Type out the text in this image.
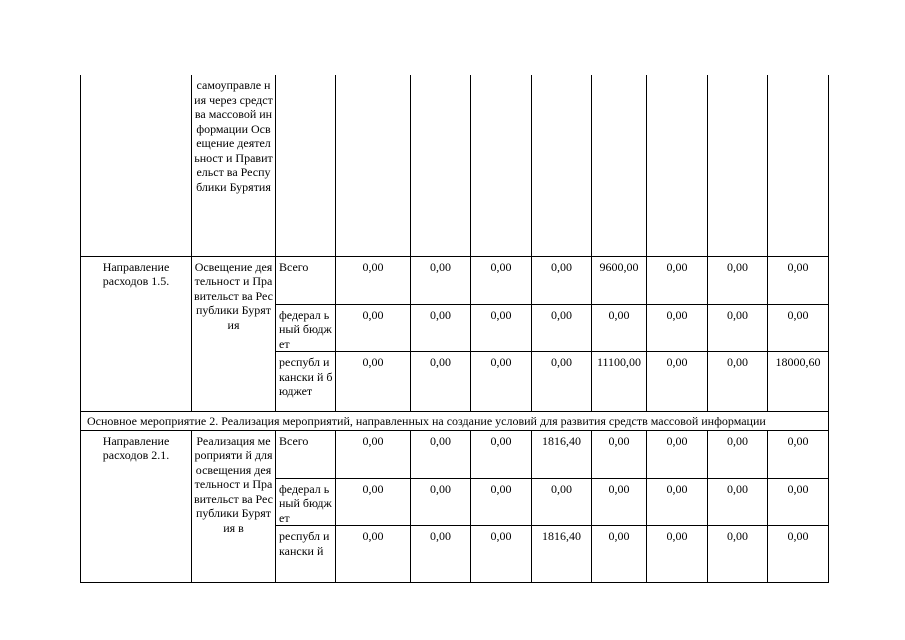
	самоуправле ния через средства массовой информации Освещение деятельност и Правительст ва Республики Бурятия									
Направление расходов 1.5.	Освещение деятельност и Правительст ва Республики Бурятия	Всего	0,00	0,00	0,00	0,00	9600,00	0,00	0,00	0,00
		федерал ьный бюджет	0,00	0,00	0,00	0,00	0,00	0,00	0,00	0,00
		республ икански й бюджет	0,00	0,00	0,00	0,00	11100,00	0,00	0,00	18000,60
Основное мероприятие 2. Реализация мероприятий, направленных на создание условий для развития средств массовой информации										
Направление расходов 2.1.	Реализация мероприяти й для освещения деятельност и Правительст ва Республики Бурятия в	Всего	0,00	0,00	0,00	1816,40	0,00	0,00	0,00	0,00
		федерал ьный бюджет	0,00	0,00	0,00	0,00	0,00	0,00	0,00	0,00
		республ икански й	0,00	0,00	0,00	1816,40	0,00	0,00	0,00	0,00
